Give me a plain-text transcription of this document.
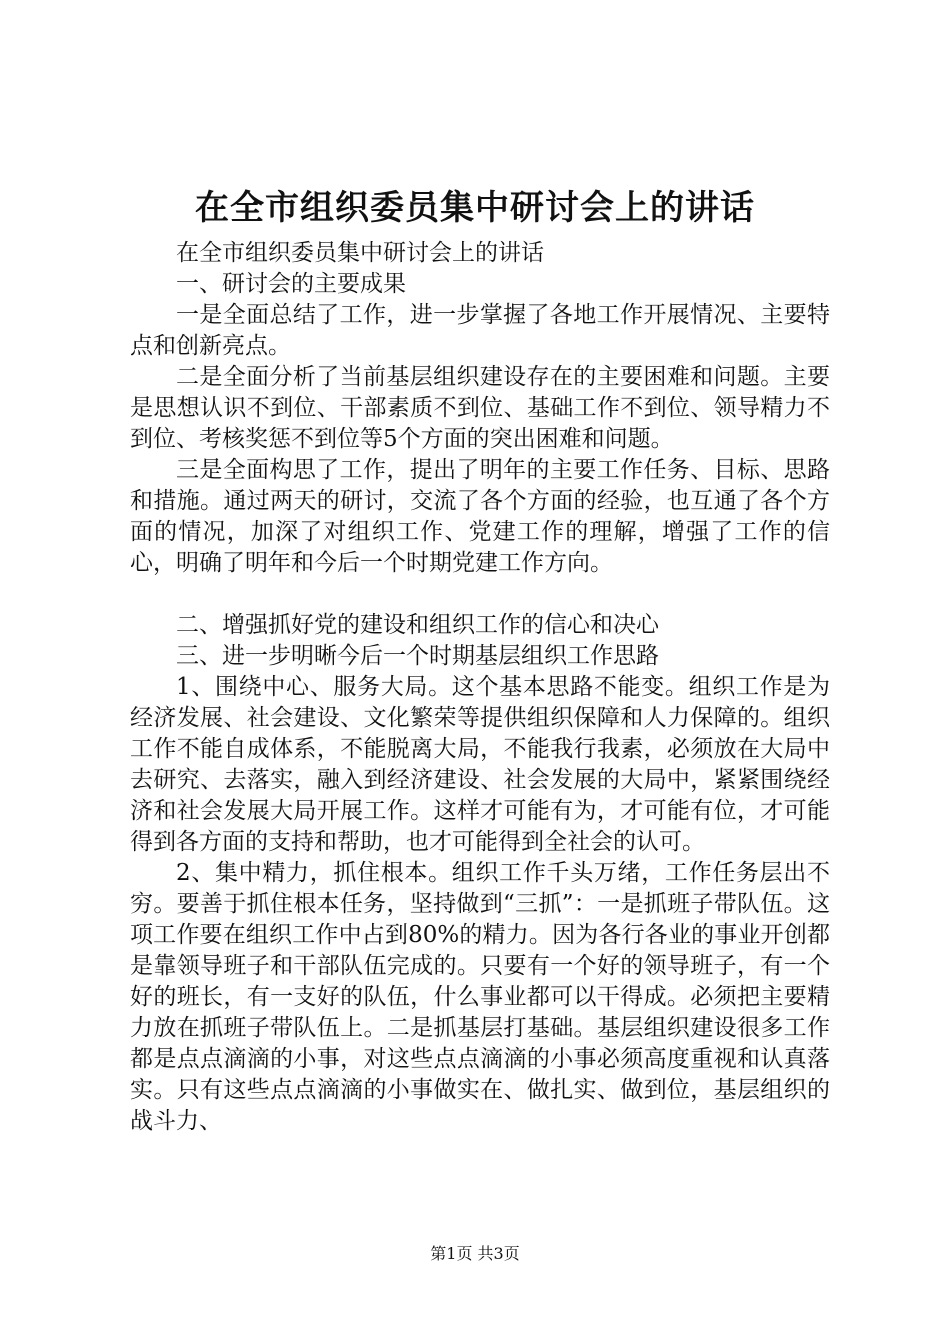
在全市组织委员集中研讨会上的讲话

在全市组织委员集中研讨会上的讲话

一、研讨会的主要成果

一是全面总结了工作，进一步掌握了各地工作开展情况、主要特点和创新亮点。

二是全面分析了当前基层组织建设存在的主要困难和问题。主要是思想认识不到位、干部素质不到位、基础工作不到位、领导精力不到位、考核奖惩不到位等5个方面的突出困难和问题。

三是全面构思了工作，提出了明年的主要工作任务、目标、思路和措施。通过两天的研讨，交流了各个方面的经验，也互通了各个方面的情况，加深了对组织工作、党建工作的理解，增强了工作的信心，明确了明年和今后一个时期党建工作方向。

二、增强抓好党的建设和组织工作的信心和决心

三、进一步明晰今后一个时期基层组织工作思路

1、围绕中心、服务大局。这个基本思路不能变。组织工作是为经济发展、社会建设、文化繁荣等提供组织保障和人力保障的。组织工作不能自成体系，不能脱离大局，不能我行我素，必须放在大局中去研究、去落实，融入到经济建设、社会发展的大局中，紧紧围绕经济和社会发展大局开展工作。这样才可能有为，才可能有位，才可能得到各方面的支持和帮助，也才可能得到全社会的认可。

2、集中精力，抓住根本。组织工作千头万绪，工作任务层出不穷。要善于抓住根本任务，坚持做到“三抓”：一是抓班子带队伍。这项工作要在组织工作中占到80%的精力。因为各行各业的事业开创都是靠领导班子和干部队伍完成的。只要有一个好的领导班子，有一个好的班长，有一支好的队伍，什么事业都可以干得成。必须把主要精力放在抓班子带队伍上。二是抓基层打基础。基层组织建设很多工作都是点点滴滴的小事，对这些点点滴滴的小事必须高度重视和认真落实。只有这些点点滴滴的小事做实在、做扎实、做到位，基层组织的战斗力、

第1页 共3页
